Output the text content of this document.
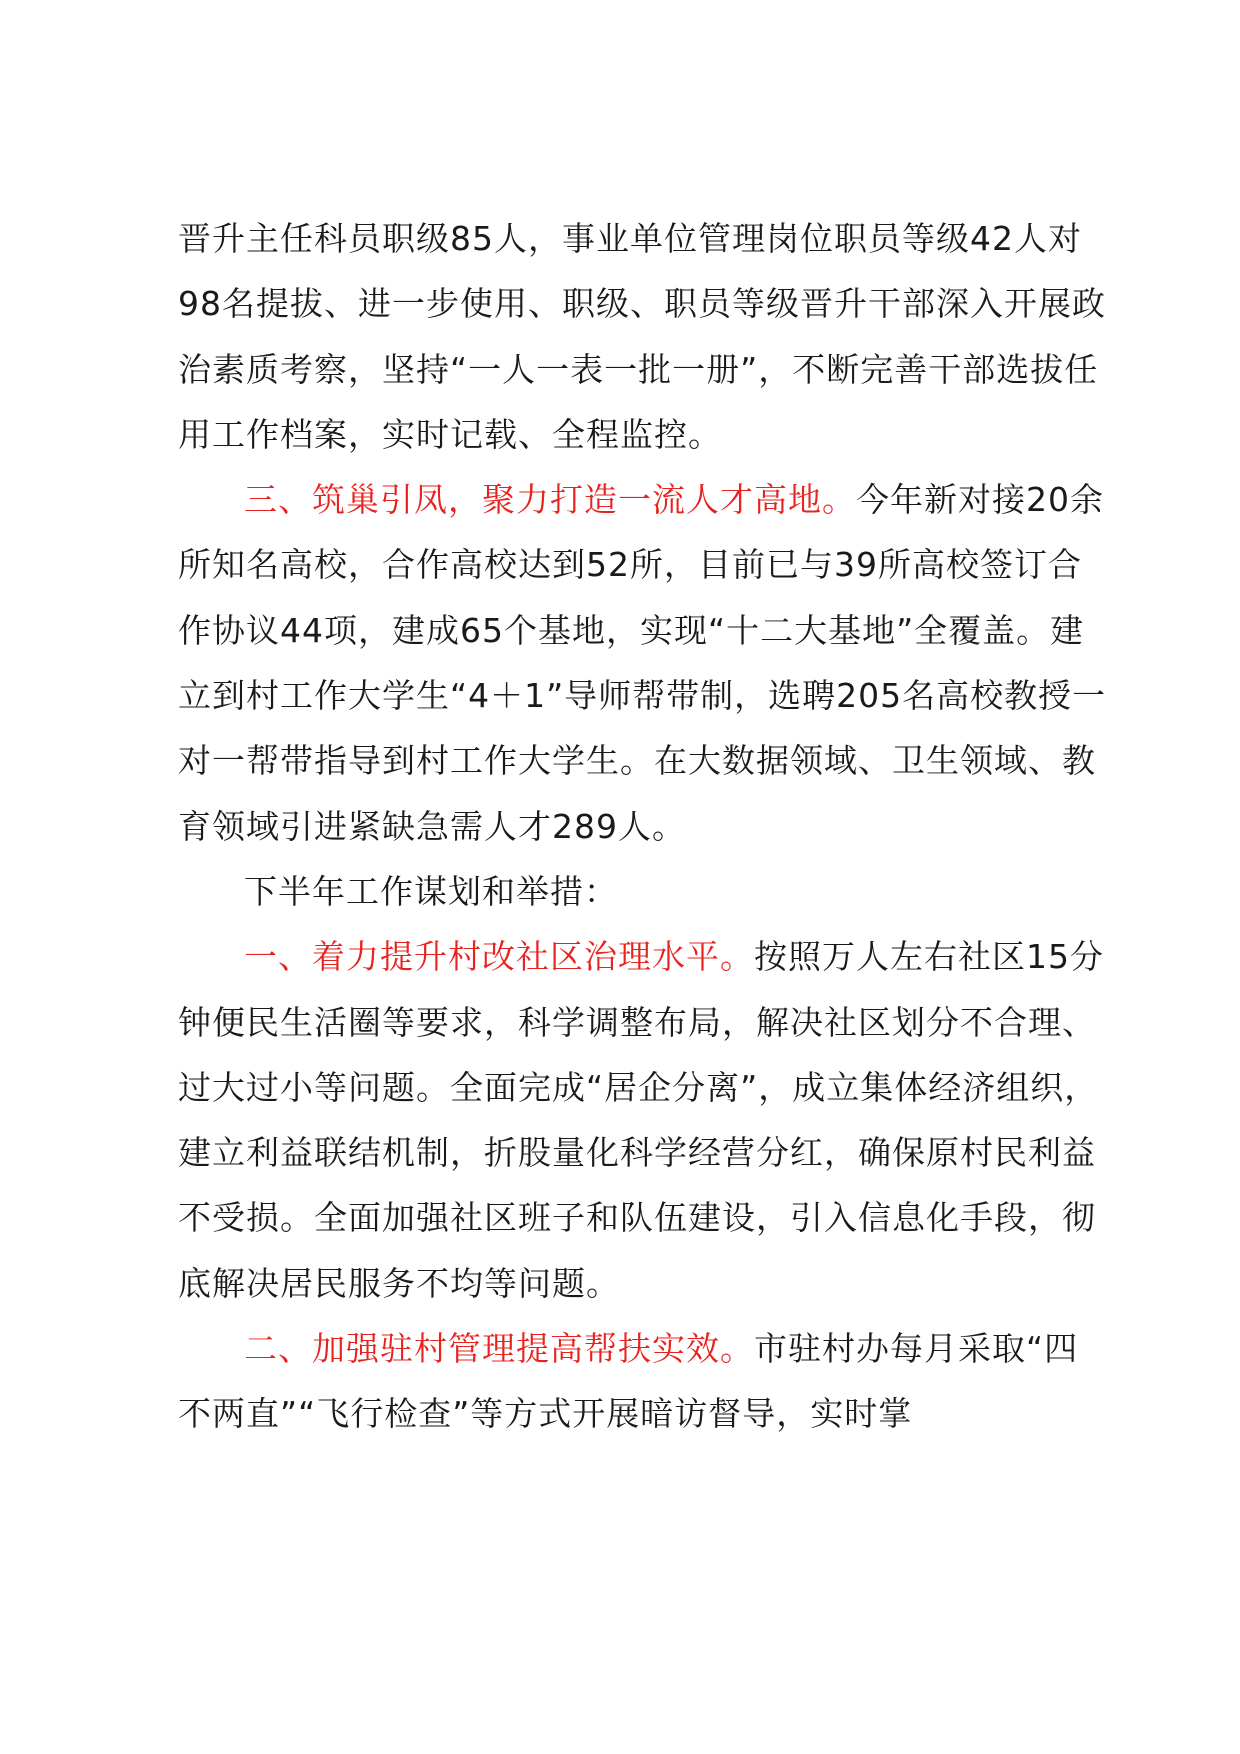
晋升主任科员职级85人，事业单位管理岗位职员等级42人对98名提拔、进一步使用、职级、职员等级晋升干部深入开展政治素质考察，坚持“一人一表一批一册”，不断完善干部选拔任用工作档案，实时记载、全程监控。

三、筑巢引凤，聚力打造一流人才高地。今年新对接20余所知名高校，合作高校达到52所，目前已与39所高校签订合作协议44项，建成65个基地，实现“十二大基地”全覆盖。建立到村工作大学生“4＋1”导师帮带制，选聘205名高校教授一对一帮带指导到村工作大学生。在大数据领域、卫生领域、教育领域引进紧缺急需人才289人。

下半年工作谋划和举措：

一、着力提升村改社区治理水平。按照万人左右社区15分钟便民生活圈等要求，科学调整布局，解决社区划分不合理、过大过小等问题。全面完成“居企分离”，成立集体经济组织，建立利益联结机制，折股量化科学经营分红，确保原村民利益不受损。全面加强社区班子和队伍建设，引入信息化手段，彻底解决居民服务不均等问题。

二、加强驻村管理提高帮扶实效。市驻村办每月采取“四不两直”“飞行检查”等方式开展暗访督导，实时掌
